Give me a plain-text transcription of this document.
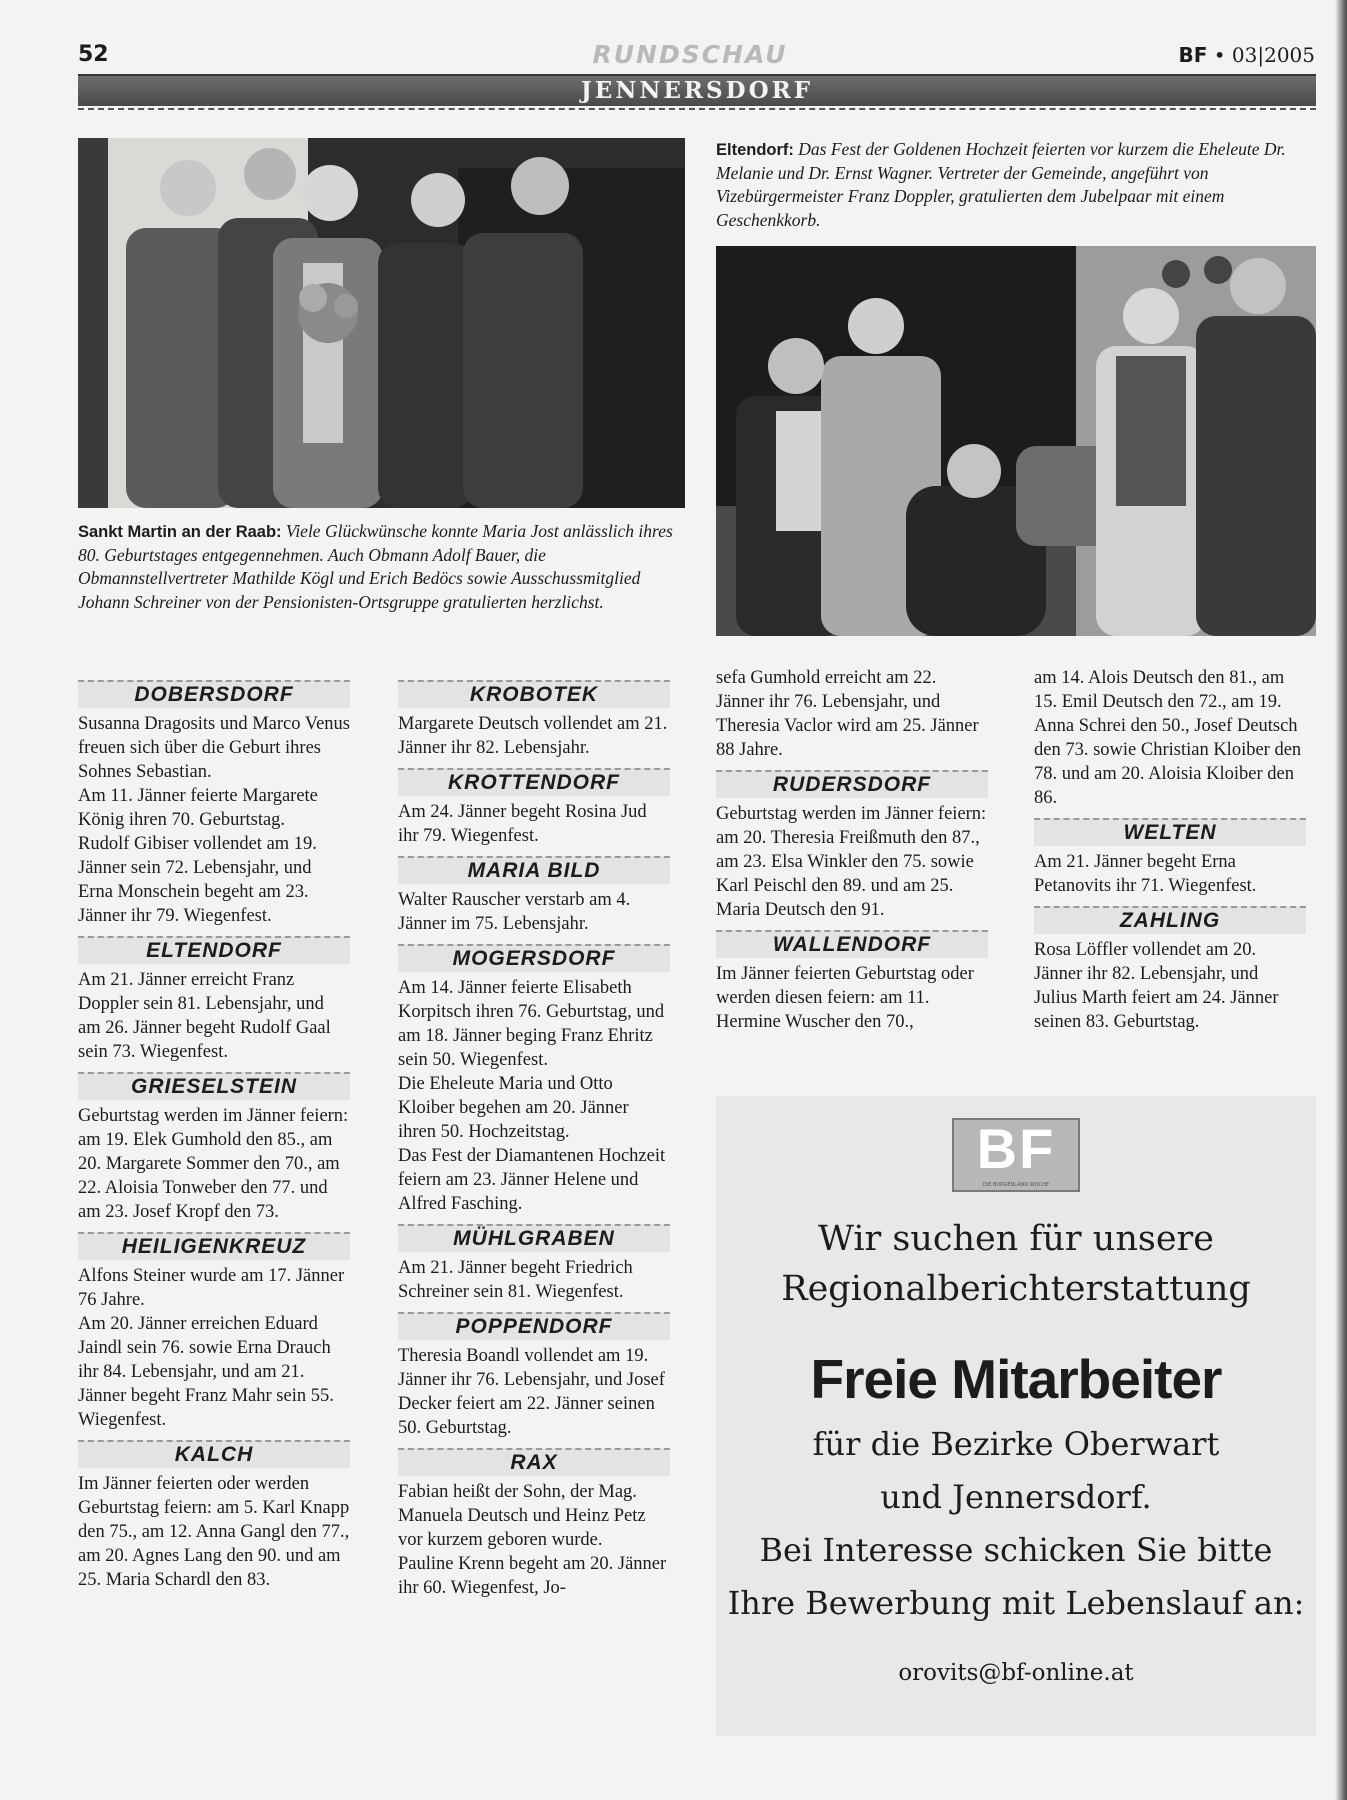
52	RUNDSCHAU	BF • 03|2005
JENNERSDORF
Sankt Martin an der Raab: Viele Glückwünsche konnte Maria Jost anlässlich ihres 80. Geburtstages entgegennehmen. Auch Obmann Adolf Bauer, die Obmannstellvertreter Mathilde Kögl und Erich Bedöcs sowie Ausschussmitglied Johann Schreiner von der Pensionisten-Ortsgruppe gratulierten herzlichst.
Eltendorf: Das Fest der Goldenen Hochzeit feierten vor kurzem die Eheleute Dr. Melanie und Dr. Ernst Wagner. Vertreter der Gemeinde, angeführt von Vizebürgermeister Franz Doppler, gratulierten dem Jubelpaar mit einem Geschenkkorb.
DOBERSDORF

Susanna Dragosits und Marco Venus freuen sich über die Geburt ihres Sohnes Sebastian.

Am 11. Jänner feierte Margarete König ihren 70. Geburtstag.

Rudolf Gibiser vollendet am 19. Jänner sein 72. Lebensjahr, und Erna Monschein begeht am 23. Jänner ihr 79. Wiegenfest.

ELTENDORF

Am 21. Jänner erreicht Franz Doppler sein 81. Lebensjahr, und am 26. Jänner begeht Rudolf Gaal sein 73. Wiegenfest.

GRIESELSTEIN

Geburtstag werden im Jänner feiern: am 19. Elek Gumhold den 85., am 20. Margarete Sommer den 70., am 22. Aloisia Tonweber den 77. und am 23. Josef Kropf den 73.

HEILIGENKREUZ

Alfons Steiner wurde am 17. Jänner 76 Jahre.

Am 20. Jänner erreichen Eduard Jaindl sein 76. sowie Erna Drauch ihr 84. Lebensjahr, und am 21. Jänner begeht Franz Mahr sein 55. Wiegenfest.

KALCH

Im Jänner feierten oder werden Geburtstag feiern: am 5. Karl Knapp den 75., am 12. Anna Gangl den 77., am 20. Agnes Lang den 90. und am 25. Maria Schardl den 83.

KROBOTEK

Margarete Deutsch vollendet am 21. Jänner ihr 82. Lebensjahr.

KROTTENDORF

Am 24. Jänner begeht Rosina Jud ihr 79. Wiegenfest.

MARIA BILD

Walter Rauscher verstarb am 4. Jänner im 75. Lebensjahr.

MOGERSDORF

Am 14. Jänner feierte Elisabeth Korpitsch ihren 76. Geburtstag, und am 18. Jänner beging Franz Ehritz sein 50. Wiegenfest.

Die Eheleute Maria und Otto Kloiber begehen am 20. Jänner ihren 50. Hochzeitstag.

Das Fest der Diamantenen Hochzeit feiern am 23. Jänner Helene und Alfred Fasching.

MÜHLGRABEN

Am 21. Jänner begeht Friedrich Schreiner sein 81. Wiegenfest.

POPPENDORF

Theresia Boandl vollendet am 19. Jänner ihr 76. Lebensjahr, und Josef Decker feiert am 22. Jänner seinen 50. Geburtstag.

RAX

Fabian heißt der Sohn, der Mag. Manuela Deutsch und Heinz Petz vor kurzem geboren wurde.

Pauline Krenn begeht am 20. Jänner ihr 60. Wiegenfest, Jo-

sefa Gumhold erreicht am 22. Jänner ihr 76. Lebensjahr, und Theresia Vaclor wird am 25. Jänner 88 Jahre.

RUDERSDORF

Geburtstag werden im Jänner feiern: am 20. Theresia Freißmuth den 87., am 23. Elsa Winkler den 75. sowie Karl Peischl den 89. und am 25. Maria Deutsch den 91.

WALLENDORF

Im Jänner feierten Geburtstag oder werden diesen feiern: am 11. Hermine Wuscher den 70.,

am 14. Alois Deutsch den 81., am 15. Emil Deutsch den 72., am 19. Anna Schrei den 50., Josef Deutsch den 73. sowie Christian Kloiber den 78. und am 20. Aloisia Kloiber den 86.

WELTEN

Am 21. Jänner begeht Erna Petanovits ihr 71. Wiegenfest.

ZAHLING

Rosa Löffler vollendet am 20. Jänner ihr 82. Lebensjahr, und Julius Marth feiert am 24. Jänner seinen 83. Geburtstag.

BF
DIE BURGENLAND WOCHE
Wir suchen für unsere
Regionalberichterstattung
Freie Mitarbeiter
für die Bezirke Oberwart
und Jennersdorf.
Bei Interesse schicken Sie bitte
Ihre Bewerbung mit Lebenslauf an:
orovits@bf-online.at
